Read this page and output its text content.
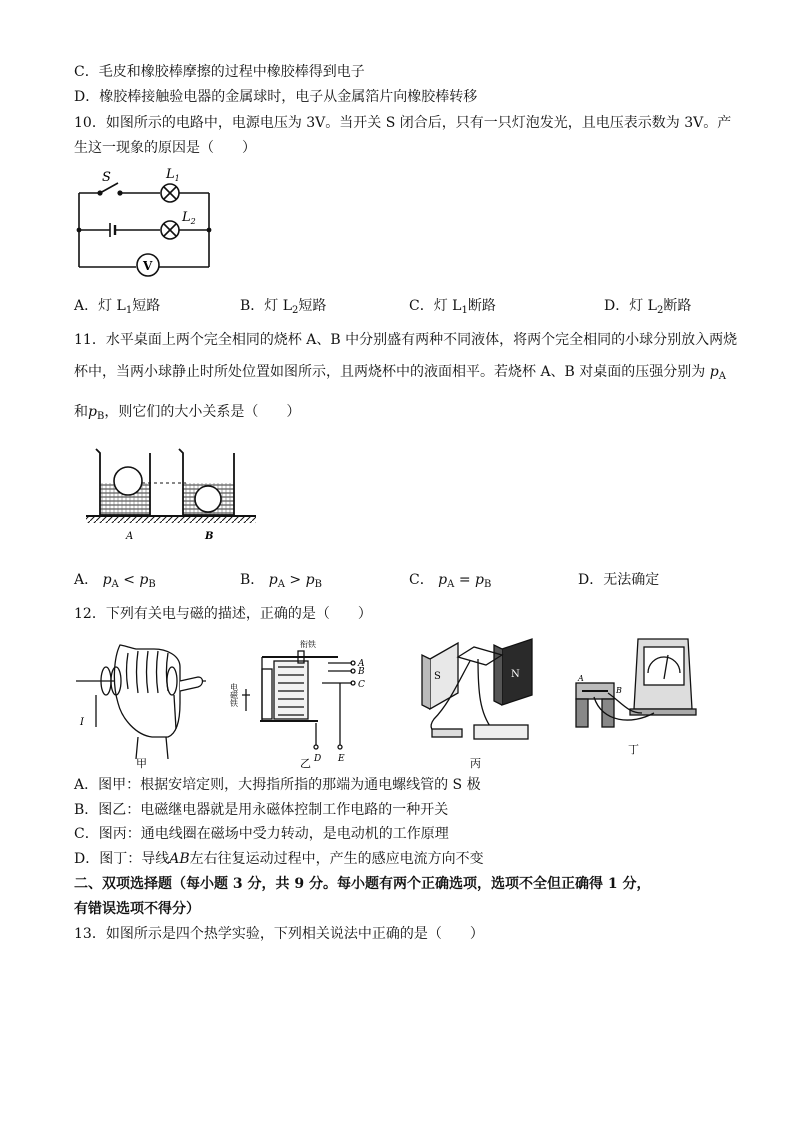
C．毛皮和橡胶棒摩擦的过程中橡胶棒得到电子
D．橡胶棒接触验电器的金属球时，电子从金属箔片向橡胶棒转移
10．如图所示的电路中，电源电压为 3V。当开关 S 闭合后，只有一只灯泡发光，且电压表示数为 3V。产
生这一现象的原因是（　　）
S	$L_1$
$L_2$
V
A．灯 $L_1$短路	B．灯 $L_2$短路	C．灯 $L_1$断路	D．灯 $L_2$断路
11．水平桌面上两个完全相同的烧杯 A、B 中分别盛有两种不同液体，将两个完全相同的小球分别放入两烧
杯中，当两小球静止时所处位置如图所示，且两烧杯中的液面相平。若烧杯 A、B 对桌面的压强分别为 $p_A$
和$p_B$，则它们的大小关系是（　　）
A	B
A． $p_A < p_B$	B． $p_A > p_B$	C． $p_A = p_B$	D．无法确定
12．下列有关电与磁的描述，正确的是（　　）
I
甲
衔铁
电磁铁
A
B
C
D E
乙
S	N
丙
A
B
丁
A．图甲：根据安培定则，大拇指所指的那端为通电螺线管的 S 极
B．图乙：电磁继电器就是用永磁体控制工作电路的一种开关
C．图丙：通电线圈在磁场中受力转动，是电动机的工作原理
D．图丁：导线AB左右往复运动过程中，产生的感应电流方向不变
二、双项选择题（每小题 3 分，共 9 分。每小题有两个正确选项，选项不全但正确得 1 分，
有错误选项不得分）
13．如图所示是四个热学实验，下列相关说法中正确的是（　　）
